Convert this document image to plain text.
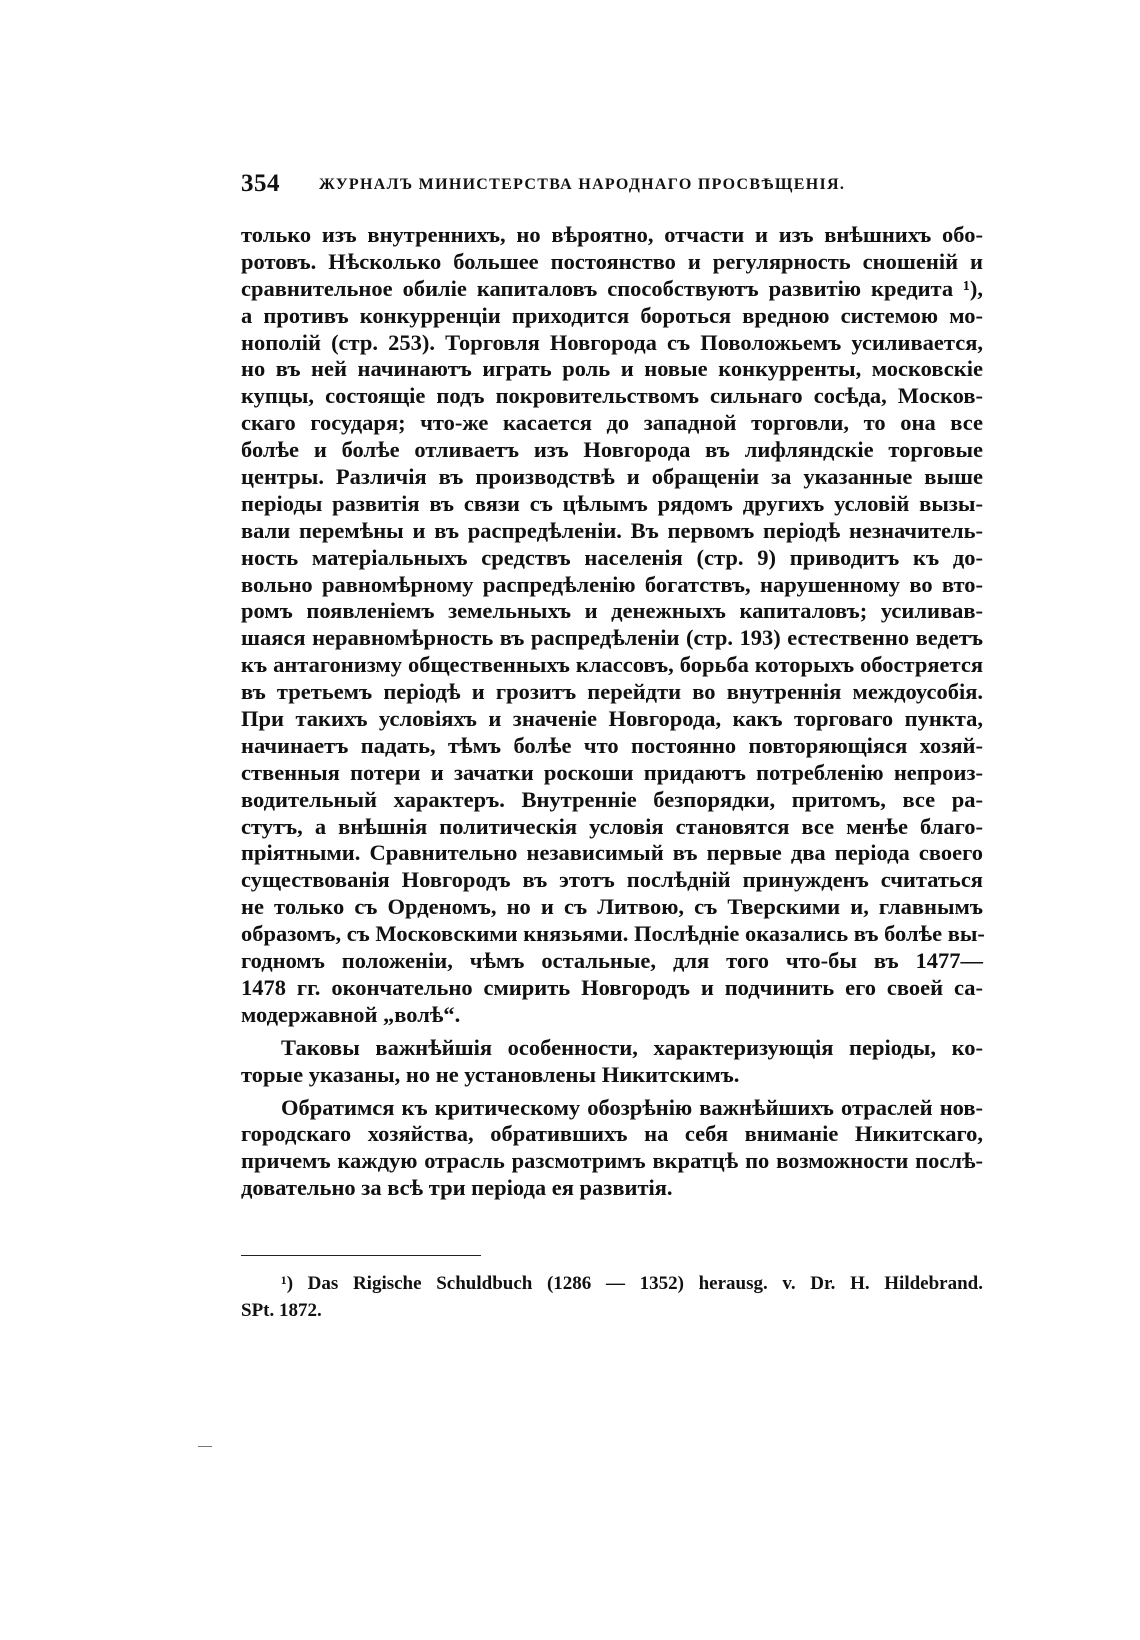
354 ЖУРНАЛЪ МИНИСТЕРСТВА НАРОДНАГО ПРОСВѢЩЕНІЯ.
только изъ внутреннихъ, но вѣроятно, отчасти и изъ внѣшнихъ обо-
ротовъ. Нѣсколько большее постоянство и регулярность сношеній и
сравнительное обиліе капиталовъ способствуютъ развитію кредита ¹),
а противъ конкурренціи приходится бороться вредною системою мо-
нополій (стр. 253). Торговля Новгорода съ Поволожьемъ усиливается,
но въ ней начинаютъ играть роль и новые конкурренты, московскіе
купцы, состоящіе подъ покровительствомъ сильнаго сосѣда, Москов-
скаго государя; что-же касается до западной торговли, то она все
болѣе и болѣе отливаетъ изъ Новгорода въ лифляндскіе торговые
центры. Различія въ производствѣ и обращеніи за указанные выше
періоды развитія въ связи съ цѣлымъ рядомъ другихъ условій вызы-
вали перемѣны и въ распредѣленіи. Въ первомъ періодѣ незначитель-
ность матеріальныхъ средствъ населенія (стр. 9) приводитъ къ до-
вольно равномѣрному распредѣленію богатствъ, нарушенному во вто-
ромъ появленіемъ земельныхъ и денежныхъ капиталовъ; усиливав-
шаяся неравномѣрность въ распредѣленіи (стр. 193) естественно ведетъ
къ антагонизму общественныхъ классовъ, борьба которыхъ обостряется
въ третьемъ періодѣ и грозитъ перейдти во внутреннія междоусобія.
При такихъ условіяхъ и значеніе Новгорода, какъ торговаго пункта,
начинаетъ падать, тѣмъ болѣе что постоянно повторяющіяся хозяй-
ственныя потери и зачатки роскоши придаютъ потребленію непроиз-
водительный характеръ. Внутренніе безпорядки, притомъ, все ра-
стутъ, а внѣшнія политическія условія становятся все менѣе благо-
пріятными. Сравнительно независимый въ первые два періода своего
существованія Новгородъ въ этотъ послѣдній принужденъ считаться
не только съ Орденомъ, но и съ Литвою, съ Тверскими и, главнымъ
образомъ, съ Московскими князьями. Послѣдніе оказались въ болѣе вы-
годномъ положеніи, чѣмъ остальные, для того что-бы въ 1477—
1478 гг. окончательно смирить Новгородъ и подчинить его своей са-
модержавной „волѣ“.
Таковы важнѣйшія особенности, характеризующія періоды, ко-
торые указаны, но не установлены Никитскимъ.
Обратимся къ критическому обозрѣнію важнѣйшихъ отраслей нов-
городскаго хозяйства, обратившихъ на себя вниманіе Никитскаго,
причемъ каждую отрасль разсмотримъ вкратцѣ по возможности послѣ-
довательно за всѣ три періода ея развитія.
¹) Das Rigische Schuldbuch (1286 — 1352) herausg. v. Dr. H. Hildebrand.
SPt. 1872.
